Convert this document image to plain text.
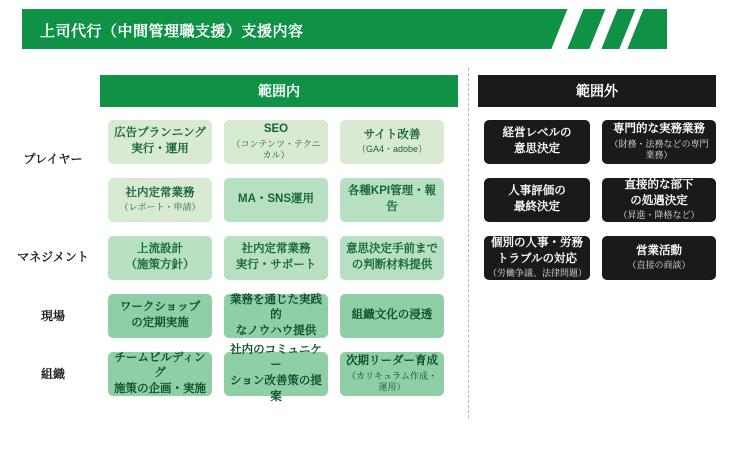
上司代行（中間管理職支援）支援内容
範囲内	範囲外
プレイヤー
マネジメント
現場
組織
広告プランニング
実行・運用
SEO
（コンテンツ・テクニカル）
サイト改善
（GA4・adobe）
社内定常業務
（レポート・申請）
MA・SNS運用
各種KPI管理・報告
上流設計
（施策方針）
社内定常業務
実行・サポート
意思決定手前まで
の判断材料提供
ワークショップ
の定期実施
業務を通じた実践的
なノウハウ提供
組織文化の浸透
チームビルディング
施策の企画・実施
社内のコミュニケー
ション改善策の提案
次期リーダー育成
（カリキュラム作成・運用）
経営レベルの
意思決定
専門的な実務業務
（財務・法務などの専門業務）
人事評価の
最終決定
直接的な部下
の処遇決定
（昇進・降格など）
個別の人事・労務
トラブルの対応
（労働争議、法律問題）
営業活動
（直接の商談）
